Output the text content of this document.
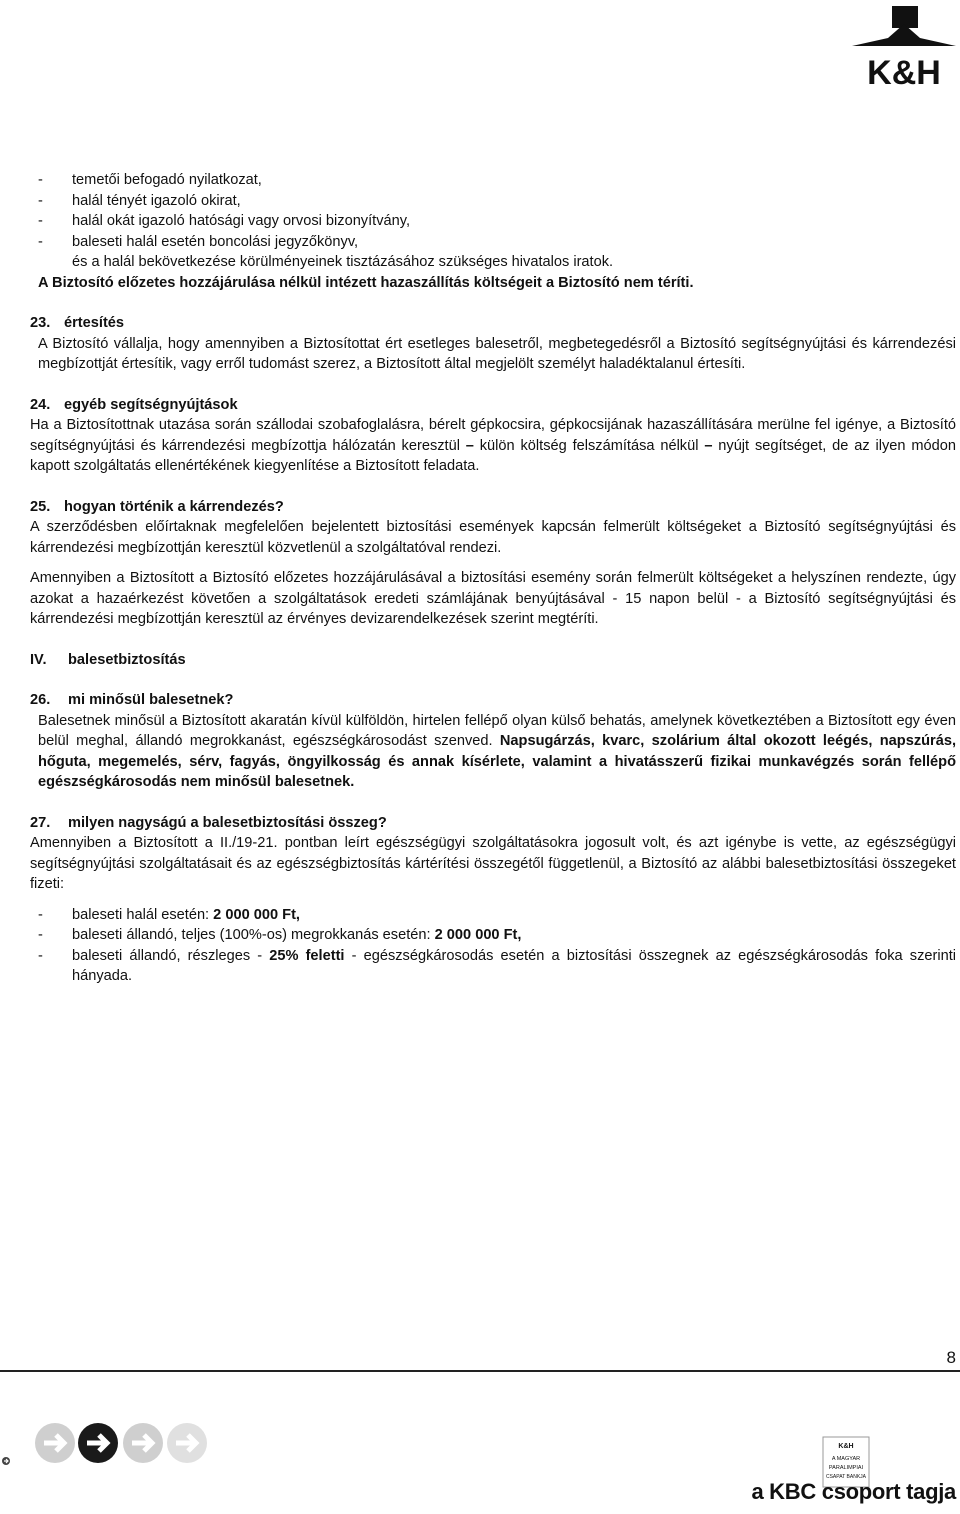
K&H
-	temetői befogadó nyilatkozat,
-	halál tényét igazoló okirat,
-	halál okát igazoló hatósági vagy orvosi bizonyítvány,
-	baleseti halál esetén boncolási jegyzőkönyv,

és a halál bekövetkezése körülményeinek tisztázásához szükséges hivatalos iratok.

A Biztosító előzetes hozzájárulása nélkül intézett hazaszállítás költségeit a Biztosító nem téríti.

23. értesítés

A Biztosító vállalja, hogy amennyiben a Biztosítottat ért esetleges balesetről, megbetegedésről a Biztosító segítségnyújtási és kárrendezési megbízottját értesítik, vagy erről tudomást szerez, a Biztosított által megjelölt személyt haladéktalanul értesíti.

24. egyéb segítségnyújtások

Ha a Biztosítottnak utazása során szállodai szobafoglalásra, bérelt gépkocsira, gépkocsijának hazaszállítására merülne fel igénye, a Biztosító segítségnyújtási és kárrendezési megbízottja hálózatán keresztül – külön költség felszámítása nélkül – nyújt segítséget, de az ilyen módon kapott szolgáltatás ellenértékének kiegyenlítése a Biztosított feladata.

25. hogyan történik a kárrendezés?

A szerződésben előírtaknak megfelelően bejelentett biztosítási események kapcsán felmerült költségeket a Biztosító segítségnyújtási és kárrendezési megbízottján keresztül közvetlenül a szolgáltatóval rendezi.

Amennyiben a Biztosított a Biztosító előzetes hozzájárulásával a biztosítási esemény során felmerült költségeket a helyszínen rendezte, úgy azokat a hazaérkezést követően a szolgáltatások eredeti számlájának benyújtásával - 15 napon belül - a Biztosító segítségnyújtási és kárrendezési megbízottján keresztül az érvényes devizarendelkezések szerint megtéríti.

IV. balesetbiztosítás
26. mi minősül balesetnek?

Balesetnek minősül a Biztosított akaratán kívül külföldön, hirtelen fellépő olyan külső behatás, amelynek következtében a Biztosított egy éven belül meghal, állandó megrokkanást, egészségkárosodást szenved. Napsugárzás, kvarc, szolárium által okozott leégés, napszúrás, hőguta, megemelés, sérv, fagyás, öngyilkosság és annak kísérlete, valamint a hivatásszerű fizikai munkavégzés során fellépő egészségkárosodás nem minősül balesetnek.

27. milyen nagyságú a balesetbiztosítási összeg?

Amennyiben a Biztosított a II./19-21. pontban leírt egészségügyi szolgáltatásokra jogosult volt, és azt igénybe is vette, az egészségügyi segítségnyújtási szolgáltatásait és az egészségbiztosítás kártérítési összegétől függetlenül, a Biztosító az alábbi balesetbiztosítási összegeket fizeti:

-	baleseti halál esetén: 2 000 000 Ft,
-	baleseti állandó, teljes (100%-os) megrokkanás esetén: 2 000 000 Ft,
-	baleseti állandó, részleges - 25% feletti - egészségkárosodás esetén a biztosítási összegnek az egészségkárosodás foka szerinti hányada.
8
K&H
A MAGYAR
PARALIMPIAI
CSAPAT BANKJA
a KBC csoport tagja
